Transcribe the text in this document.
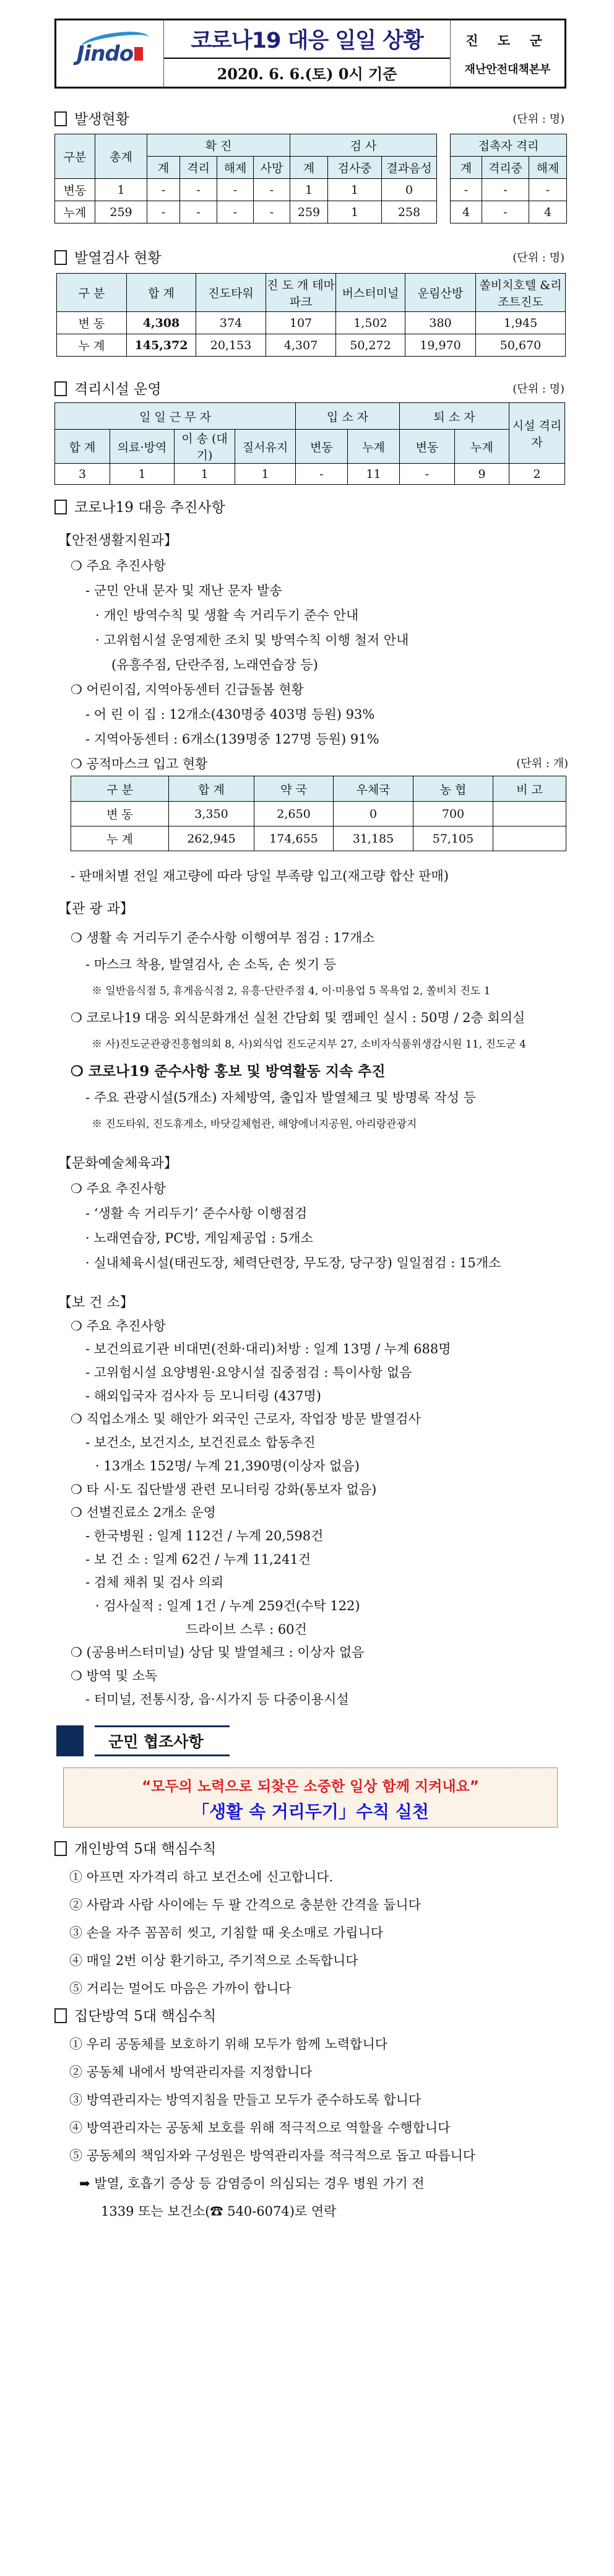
Jindo
코로나19 대응 일일 상황
2020. 6. 6.(토) 0시 기준
진 도 군
재난안전대책본부
발생현황	(단위 : 명)
구분	총계	확 진				검 사		
		계	격리	해제	사망	계	검사중	결과음성
변동	1	-	-	-	-	1	1	0
누계	259	-	-	-	-	259	1	258
접촉자 격리		
계	격리중	해제
-	-	-
4	-	4
발열검사 현황	(단위 : 명)
구 분	합 계	진도타워	진 도 개 테마파크	버스터미널	운림산방	쏠비치호텔 &리조트진도
변 동	4,308	374	107	1,502	380	1,945
누 계	145,372	20,153	4,307	50,272	19,970	50,670
격리시설 운영	(단위 : 명)
일 일 근 무 자				입 소 자		퇴 소 자		시설 격리자
합 계	의료·방역	이 송 (대 기)	질서유지	변동	누계	변동	누계	
3	1	1	1	-	11	-	9	2
코로나19 대응 추진사항
【안전생활지원과】
❍ 주요 추진사항
- 군민 안내 문자 및 재난 문자 발송
· 개인 방역수칙 및 생활 속 거리두기 준수 안내
· 고위험시설 운영제한 조치 및 방역수칙 이행 철저 안내
(유흥주점, 단란주점, 노래연습장 등)
❍ 어린이집, 지역아동센터 긴급돌봄 현황
- 어 린 이 집 : 12개소(430명중 403명 등원) 93%
- 지역아동센터 : 6개소(139명중 127명 등원) 91%
❍ 공적마스크 입고 현황	(단위 : 개)
구 분	합 계	약 국	우체국	농 협	비 고
변 동	3,350	2,650	0	700	
누 계	262,945	174,655	31,185	57,105	
- 판매처별 전일 재고량에 따라 당일 부족량 입고(재고량 합산 판매)
【관 광 과】
❍ 생활 속 거리두기 준수사항 이행여부 점검 : 17개소
- 마스크 착용, 발열검사, 손 소독, 손 씻기 등
※ 일반음식점 5, 휴게음식점 2, 유흥·단란주점 4, 이·미용업 5 목욕업 2, 쏠비치 진도 1
❍ 코로나19 대응 외식문화개선 실천 간담회 및 캠페인 실시 : 50명 / 2층 회의실
※ 사)진도군관광진흥협의회 8, 사)외식업 진도군지부 27, 소비자식품위생감시원 11, 진도군 4
❍ 코로나19 준수사항 홍보 및 방역활동 지속 추진
- 주요 관광시설(5개소) 자체방역, 출입자 발열체크 및 방명록 작성 등
※ 진도타워, 진도휴게소, 바닷길체험관, 해양에너지공원, 아리랑관광지
【문화예술체육과】
❍ 주요 추진사항
- ‘생활 속 거리두기’ 준수사항 이행점검
· 노래연습장, PC방, 게임제공업 : 5개소
· 실내체육시설(태권도장, 체력단련장, 무도장, 당구장) 일일점검 : 15개소
【보 건 소】
❍ 주요 추진사항
- 보건의료기관 비대면(전화·대리)처방 : 일계 13명 / 누계 688명
- 고위험시설 요양병원·요양시설 집중점검 : 특이사항 없음
- 해외입국자 검사자 등 모니터링 (437명)
❍ 직업소개소 및 해안가 외국인 근로자, 작업장 방문 발열검사
- 보건소, 보건지소, 보건진료소 합동추진
· 13개소 152명/ 누계 21,390명(이상자 없음)
❍ 타 시·도 집단발생 관련 모니터링 강화(통보자 없음)
❍ 선별진료소 2개소 운영
- 한국병원 : 일계 112건 / 누계 20,598건
- 보 건 소 : 일계 62건 / 누계 11,241건
- 검체 채취 및 검사 의뢰
· 검사실적 : 일계 1건 / 누계 259건(수탁 122)
드라이브 스루 : 60건
❍ (공용버스터미널) 상담 및 발열체크 : 이상자 없음
❍ 방역 및 소독
- 터미널, 전통시장, 읍·시가지 등 다중이용시설
군민 협조사항
“모두의 노력으로 되찾은 소중한 일상 함께 지켜내요”
「생활 속 거리두기」수칙 실천
개인방역 5대 핵심수칙
① 아프면 자가격리 하고 보건소에 신고합니다.
② 사람과 사람 사이에는 두 팔 간격으로 충분한 간격을 둡니다
③ 손을 자주 꼼꼼히 씻고, 기침할 때 옷소매로 가립니다
④ 매일 2번 이상 환기하고, 주기적으로 소독합니다
⑤ 거리는 멀어도 마음은 가까이 합니다
집단방역 5대 핵심수칙
① 우리 공동체를 보호하기 위해 모두가 함께 노력합니다
② 공동체 내에서 방역관리자를 지정합니다
③ 방역관리자는 방역지침을 만들고 모두가 준수하도록 합니다
④ 방역관리자는 공동체 보호를 위해 적극적으로 역할을 수행합니다
⑤ 공동체의 책임자와 구성원은 방역관리자를 적극적으로 돕고 따릅니다
➡ 발열, 호흡기 증상 등 감염증이 의심되는 경우 병원 가기 전
1339 또는 보건소(☎ 540-6074)로 연락
